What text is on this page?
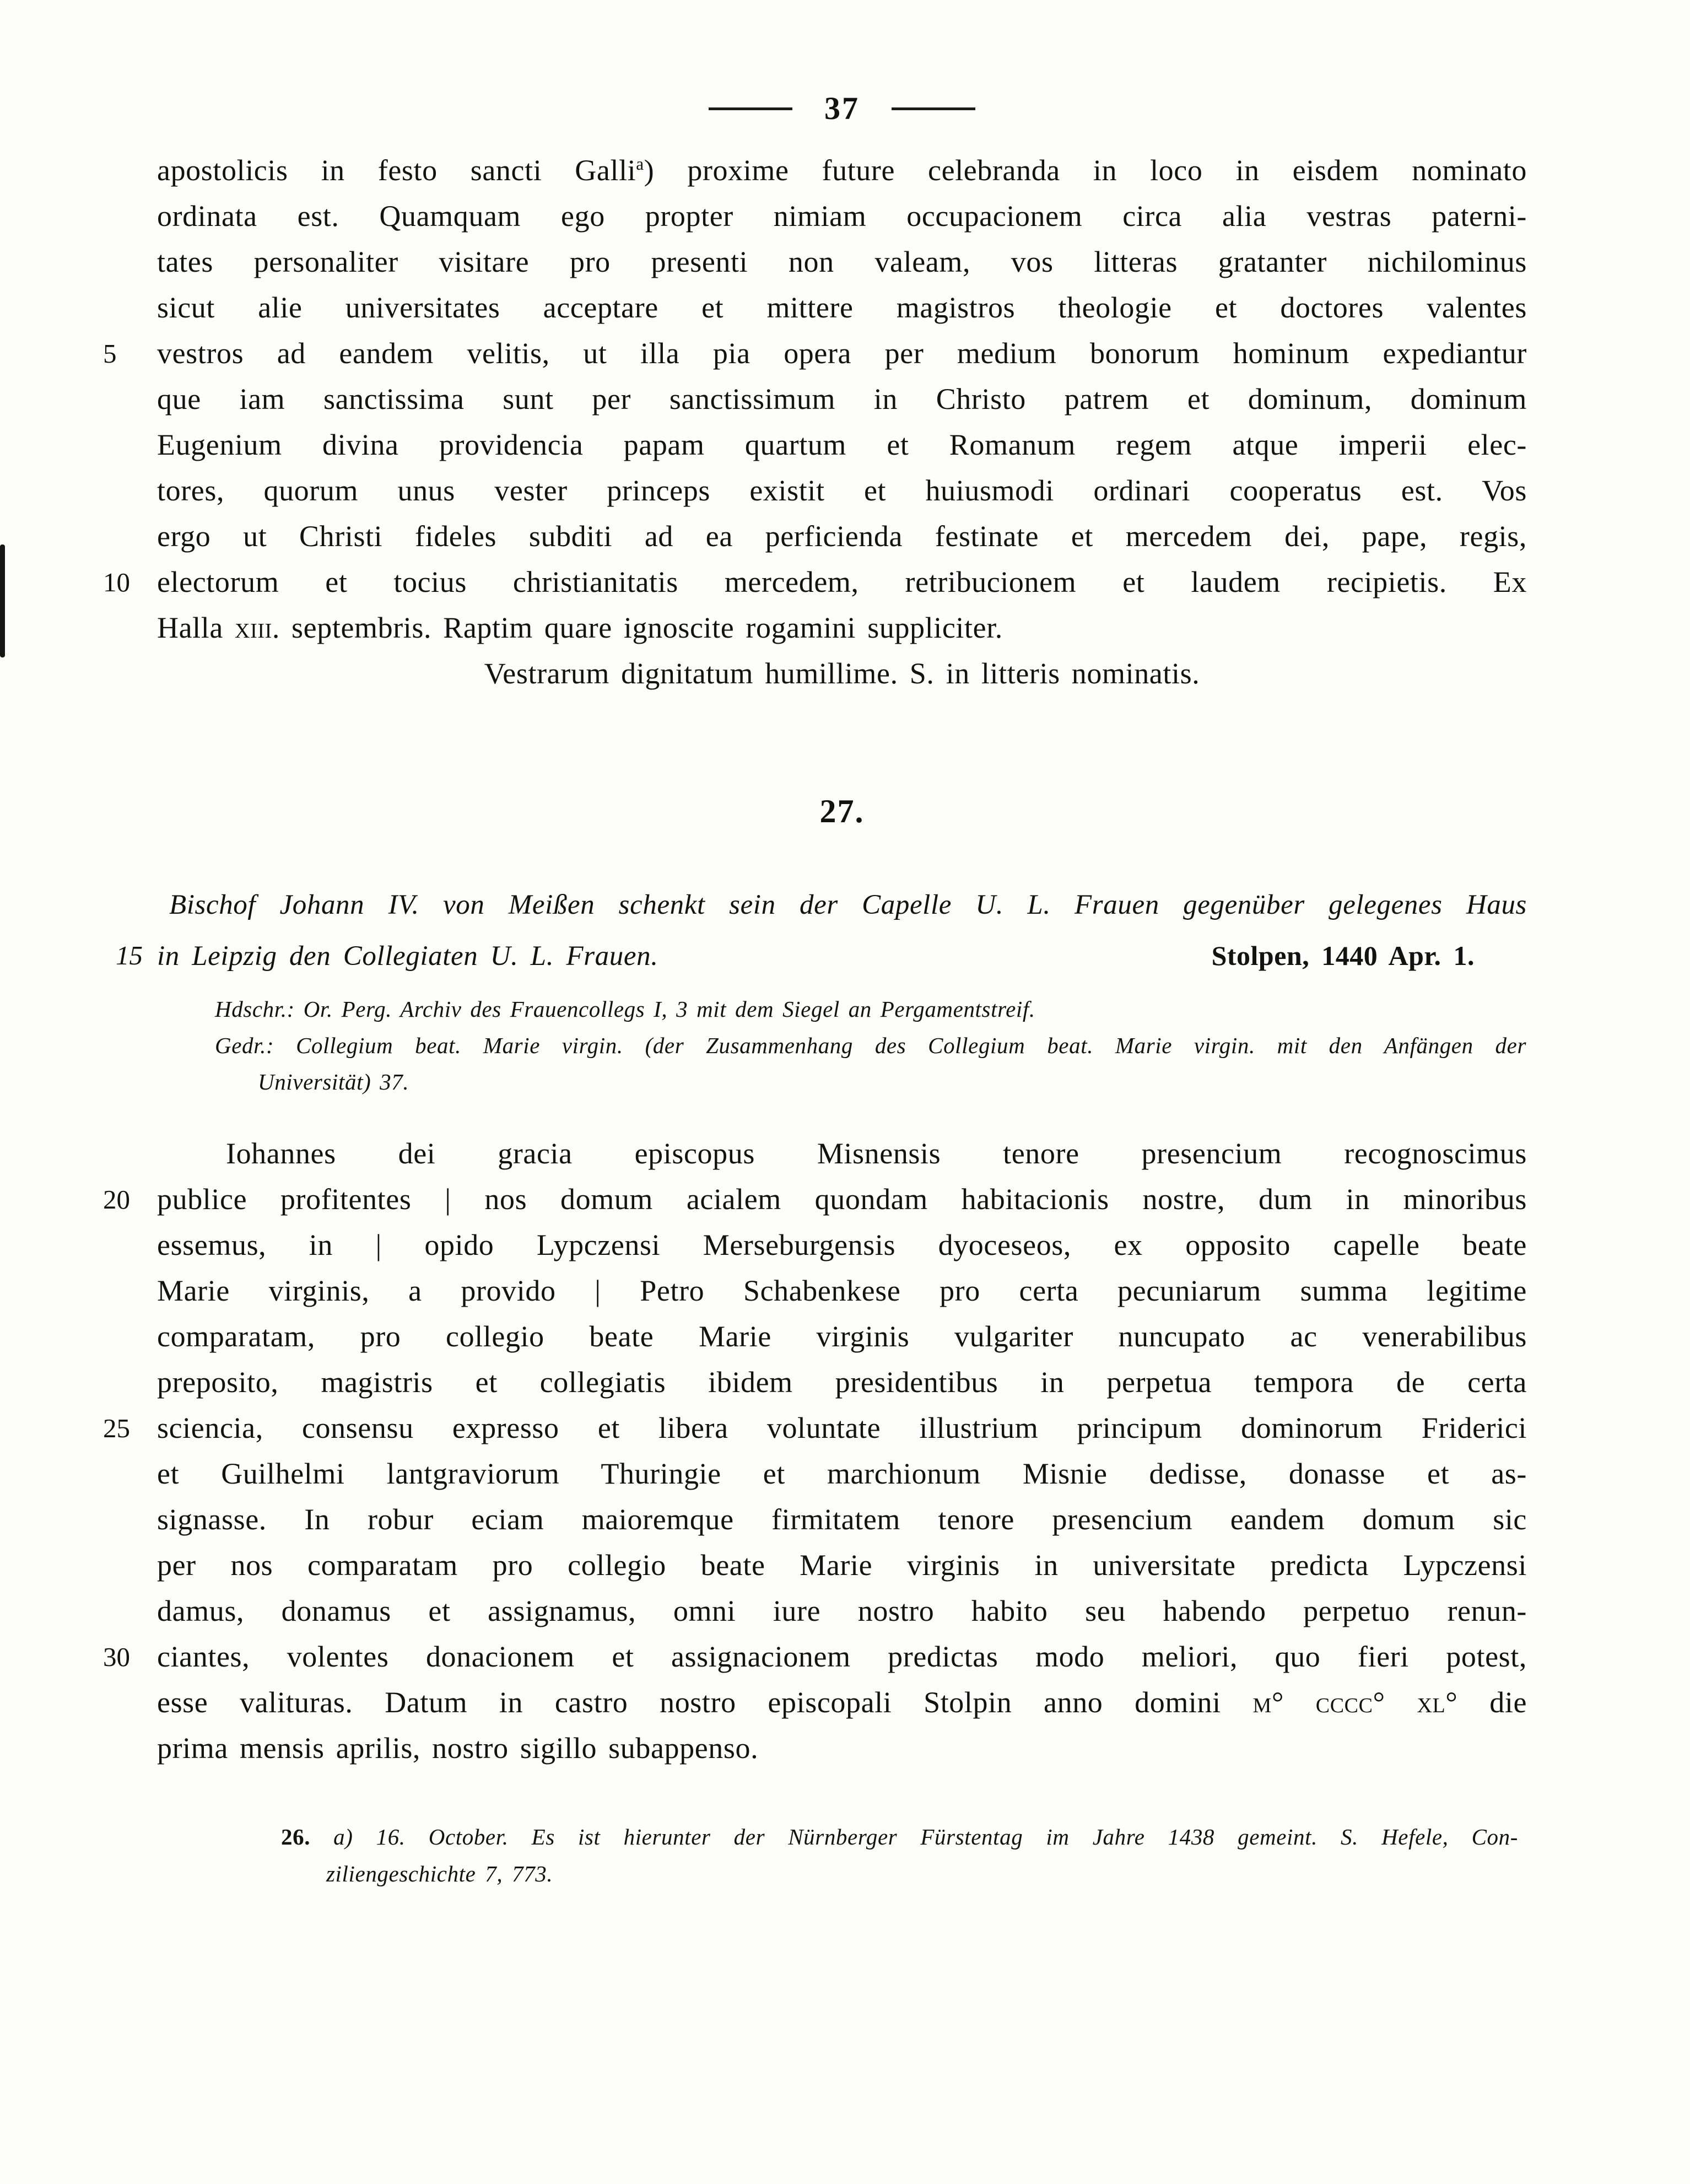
37
apostolicis in festo sancti Galli$^a$) proxime future celebranda in loco in eisdem nominato
ordinata est. Quamquam ego propter nimiam occupacionem circa alia vestras paterni-
tates personaliter visitare pro presenti non valeam, vos litteras gratanter nichilominus
sicut alie universitates acceptare et mittere magistros theologie et doctores valentes
5	vestros ad eandem velitis, ut illa pia opera per medium bonorum hominum expediantur
que iam sanctissima sunt per sanctissimum in Christo patrem et dominum, dominum
Eugenium divina providencia papam quartum et Romanum regem atque imperii elec-
tores, quorum unus vester princeps existit et huiusmodi ordinari cooperatus est. Vos
ergo ut Christi fideles subditi ad ea perficienda festinate et mercedem dei, pape, regis,
10 electorum et tocius christianitatis mercedem, retribucionem et laudem recipietis. Ex
Halla xiii. septembris. Raptim quare ignoscite rogamini suppliciter.
Vestrarum dignitatum humillime. S. in litteris nominatis.
27.
Bischof Johann IV. von Meißen schenkt sein der Capelle U. L. Frauen gegenüber gelegenes Haus
15 in Leipzig den Collegiaten U. L. Frauen.	Stolpen, 1440 Apr. 1.
Hdschr.: Or. Perg. Archiv des Frauencollegs I, 3 mit dem Siegel an Pergamentstreif.
Gedr.: Collegium beat. Marie virgin. (der Zusammenhang des Collegium beat. Marie virgin. mit den Anfängen der
Universität) 37.
Iohannes dei gracia episcopus Misnensis tenore presencium recognoscimus
20 publice profitentes | nos domum acialem quondam habitacionis nostre, dum in minoribus
essemus, in | opido Lypczensi Merseburgensis dyoceseos, ex opposito capelle beate
Marie virginis, a provido | Petro Schabenkese pro certa pecuniarum summa legitime
comparatam, pro collegio beate Marie virginis vulgariter nuncupato ac venerabilibus
preposito, magistris et collegiatis ibidem presidentibus in perpetua tempora de certa
25 sciencia, consensu expresso et libera voluntate illustrium principum dominorum Friderici
et Guilhelmi lantgraviorum Thuringie et marchionum Misnie dedisse, donasse et as-
signasse. In robur eciam maioremque firmitatem tenore presencium eandem domum sic
per nos comparatam pro collegio beate Marie virginis in universitate predicta Lypczensi
damus, donamus et assignamus, omni iure nostro habito seu habendo perpetuo renun-
30 ciantes, volentes donacionem et assignacionem predictas modo meliori, quo fieri potest,
esse valituras. Datum in castro nostro episcopali Stolpin anno domini m° cccc° xl° die
prima mensis aprilis, nostro sigillo subappenso.
26. a) 16. October. Es ist hierunter der Nürnberger Fürstentag im Jahre 1438 gemeint. S. Hefele, Con-
ziliengeschichte 7, 773.
